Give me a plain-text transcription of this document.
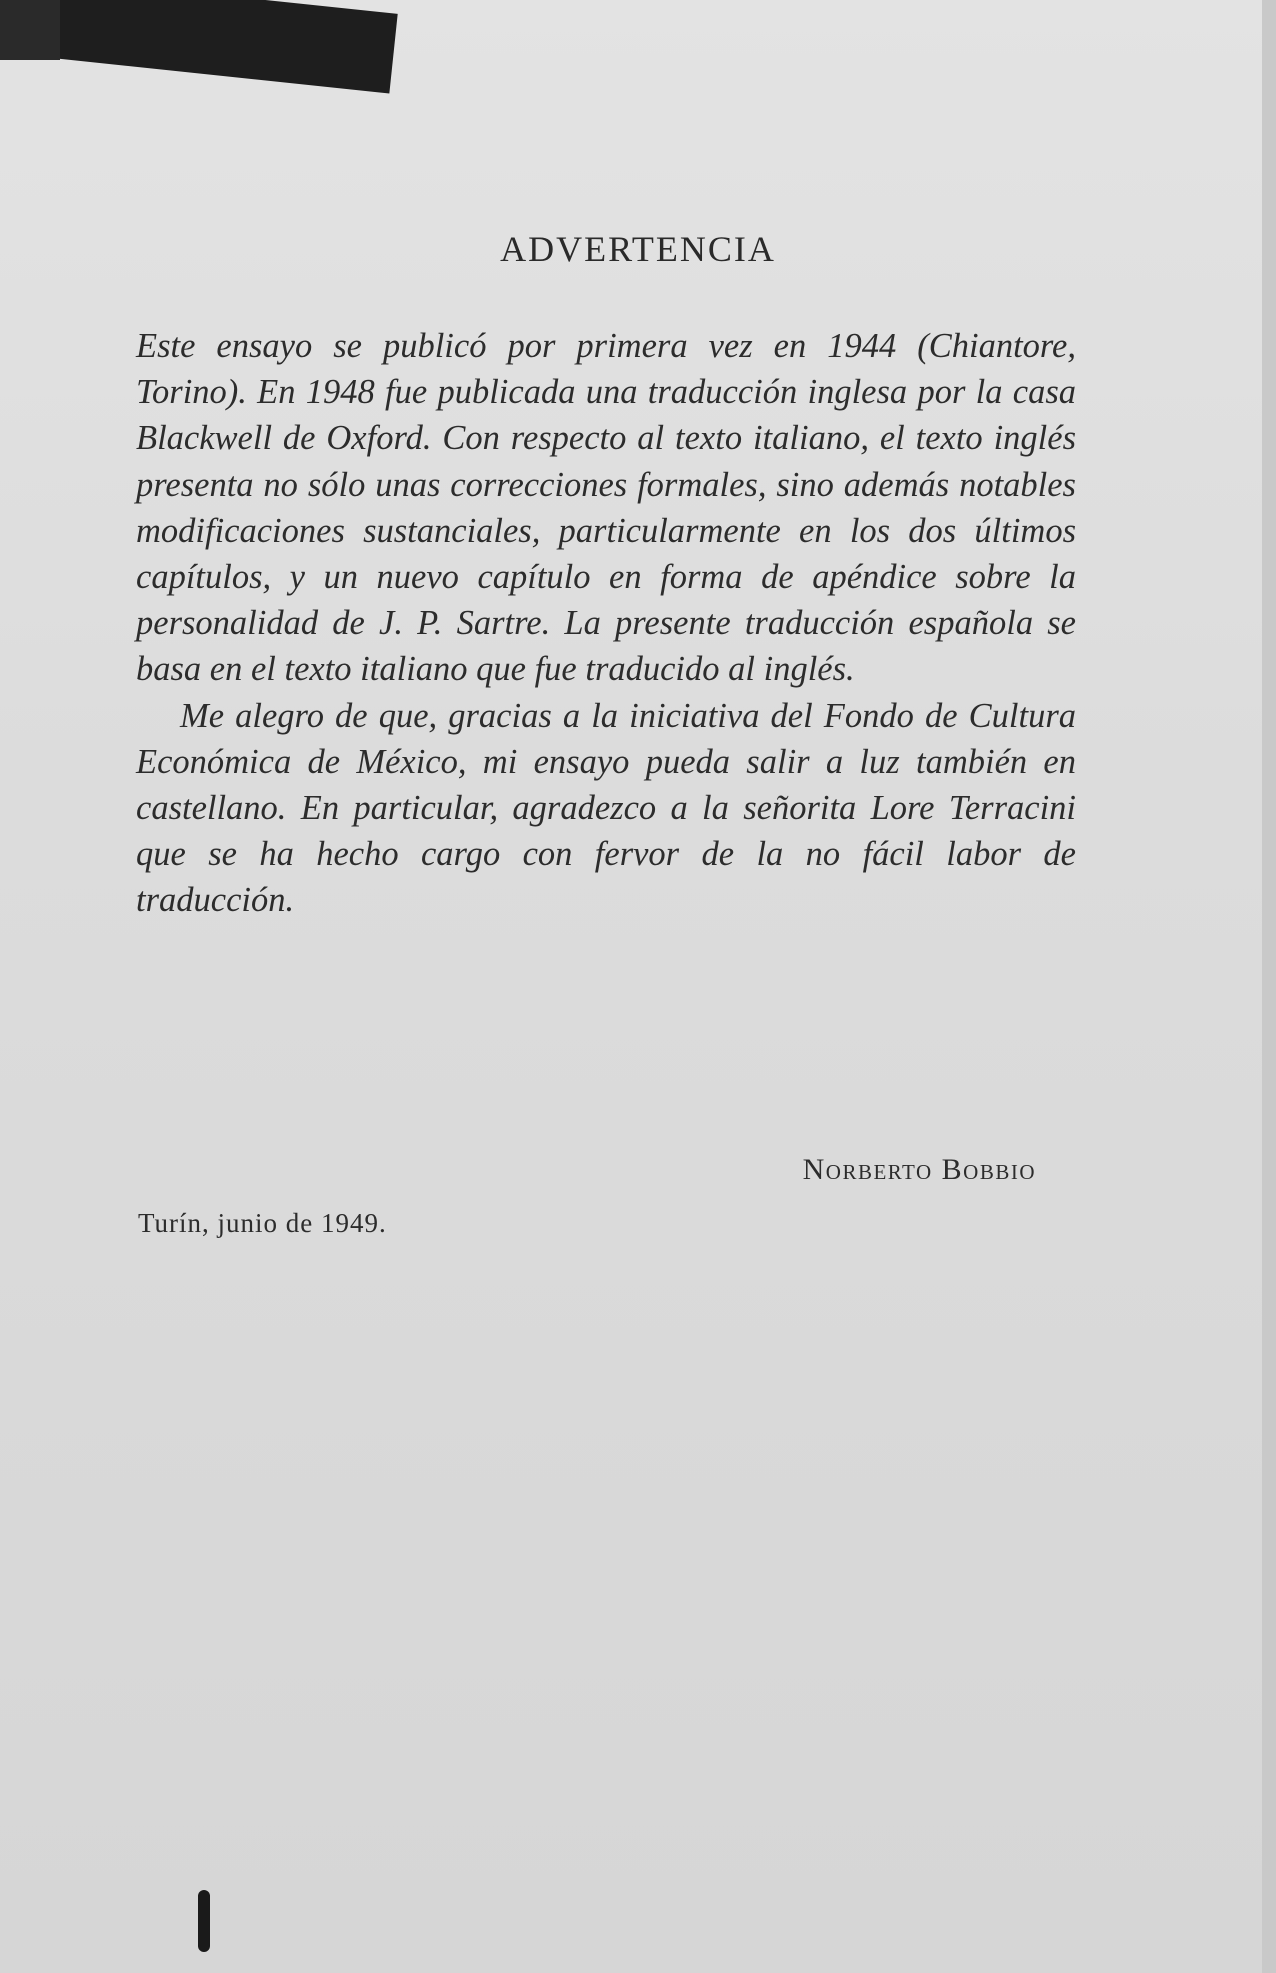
ADVERTENCIA

Este ensayo se publicó por primera vez en 1944 (Chiantore, Torino). En 1948 fue publicada una traducción inglesa por la casa Blackwell de Oxford. Con respecto al texto italiano, el texto inglés presenta no sólo unas correcciones formales, sino además notables modificaciones sustanciales, particularmente en los dos últimos capítulos, y un nuevo capítulo en forma de apéndice sobre la personalidad de J. P. Sartre. La presente traducción española se basa en el texto italiano que fue traducido al inglés.

Me alegro de que, gracias a la iniciativa del Fondo de Cultura Económica de México, mi ensayo pueda salir a luz también en castellano. En particular, agradezco a la señorita Lore Terracini que se ha hecho cargo con fervor de la no fácil labor de traducción.

Norberto Bobbio
Turín, junio de 1949.
